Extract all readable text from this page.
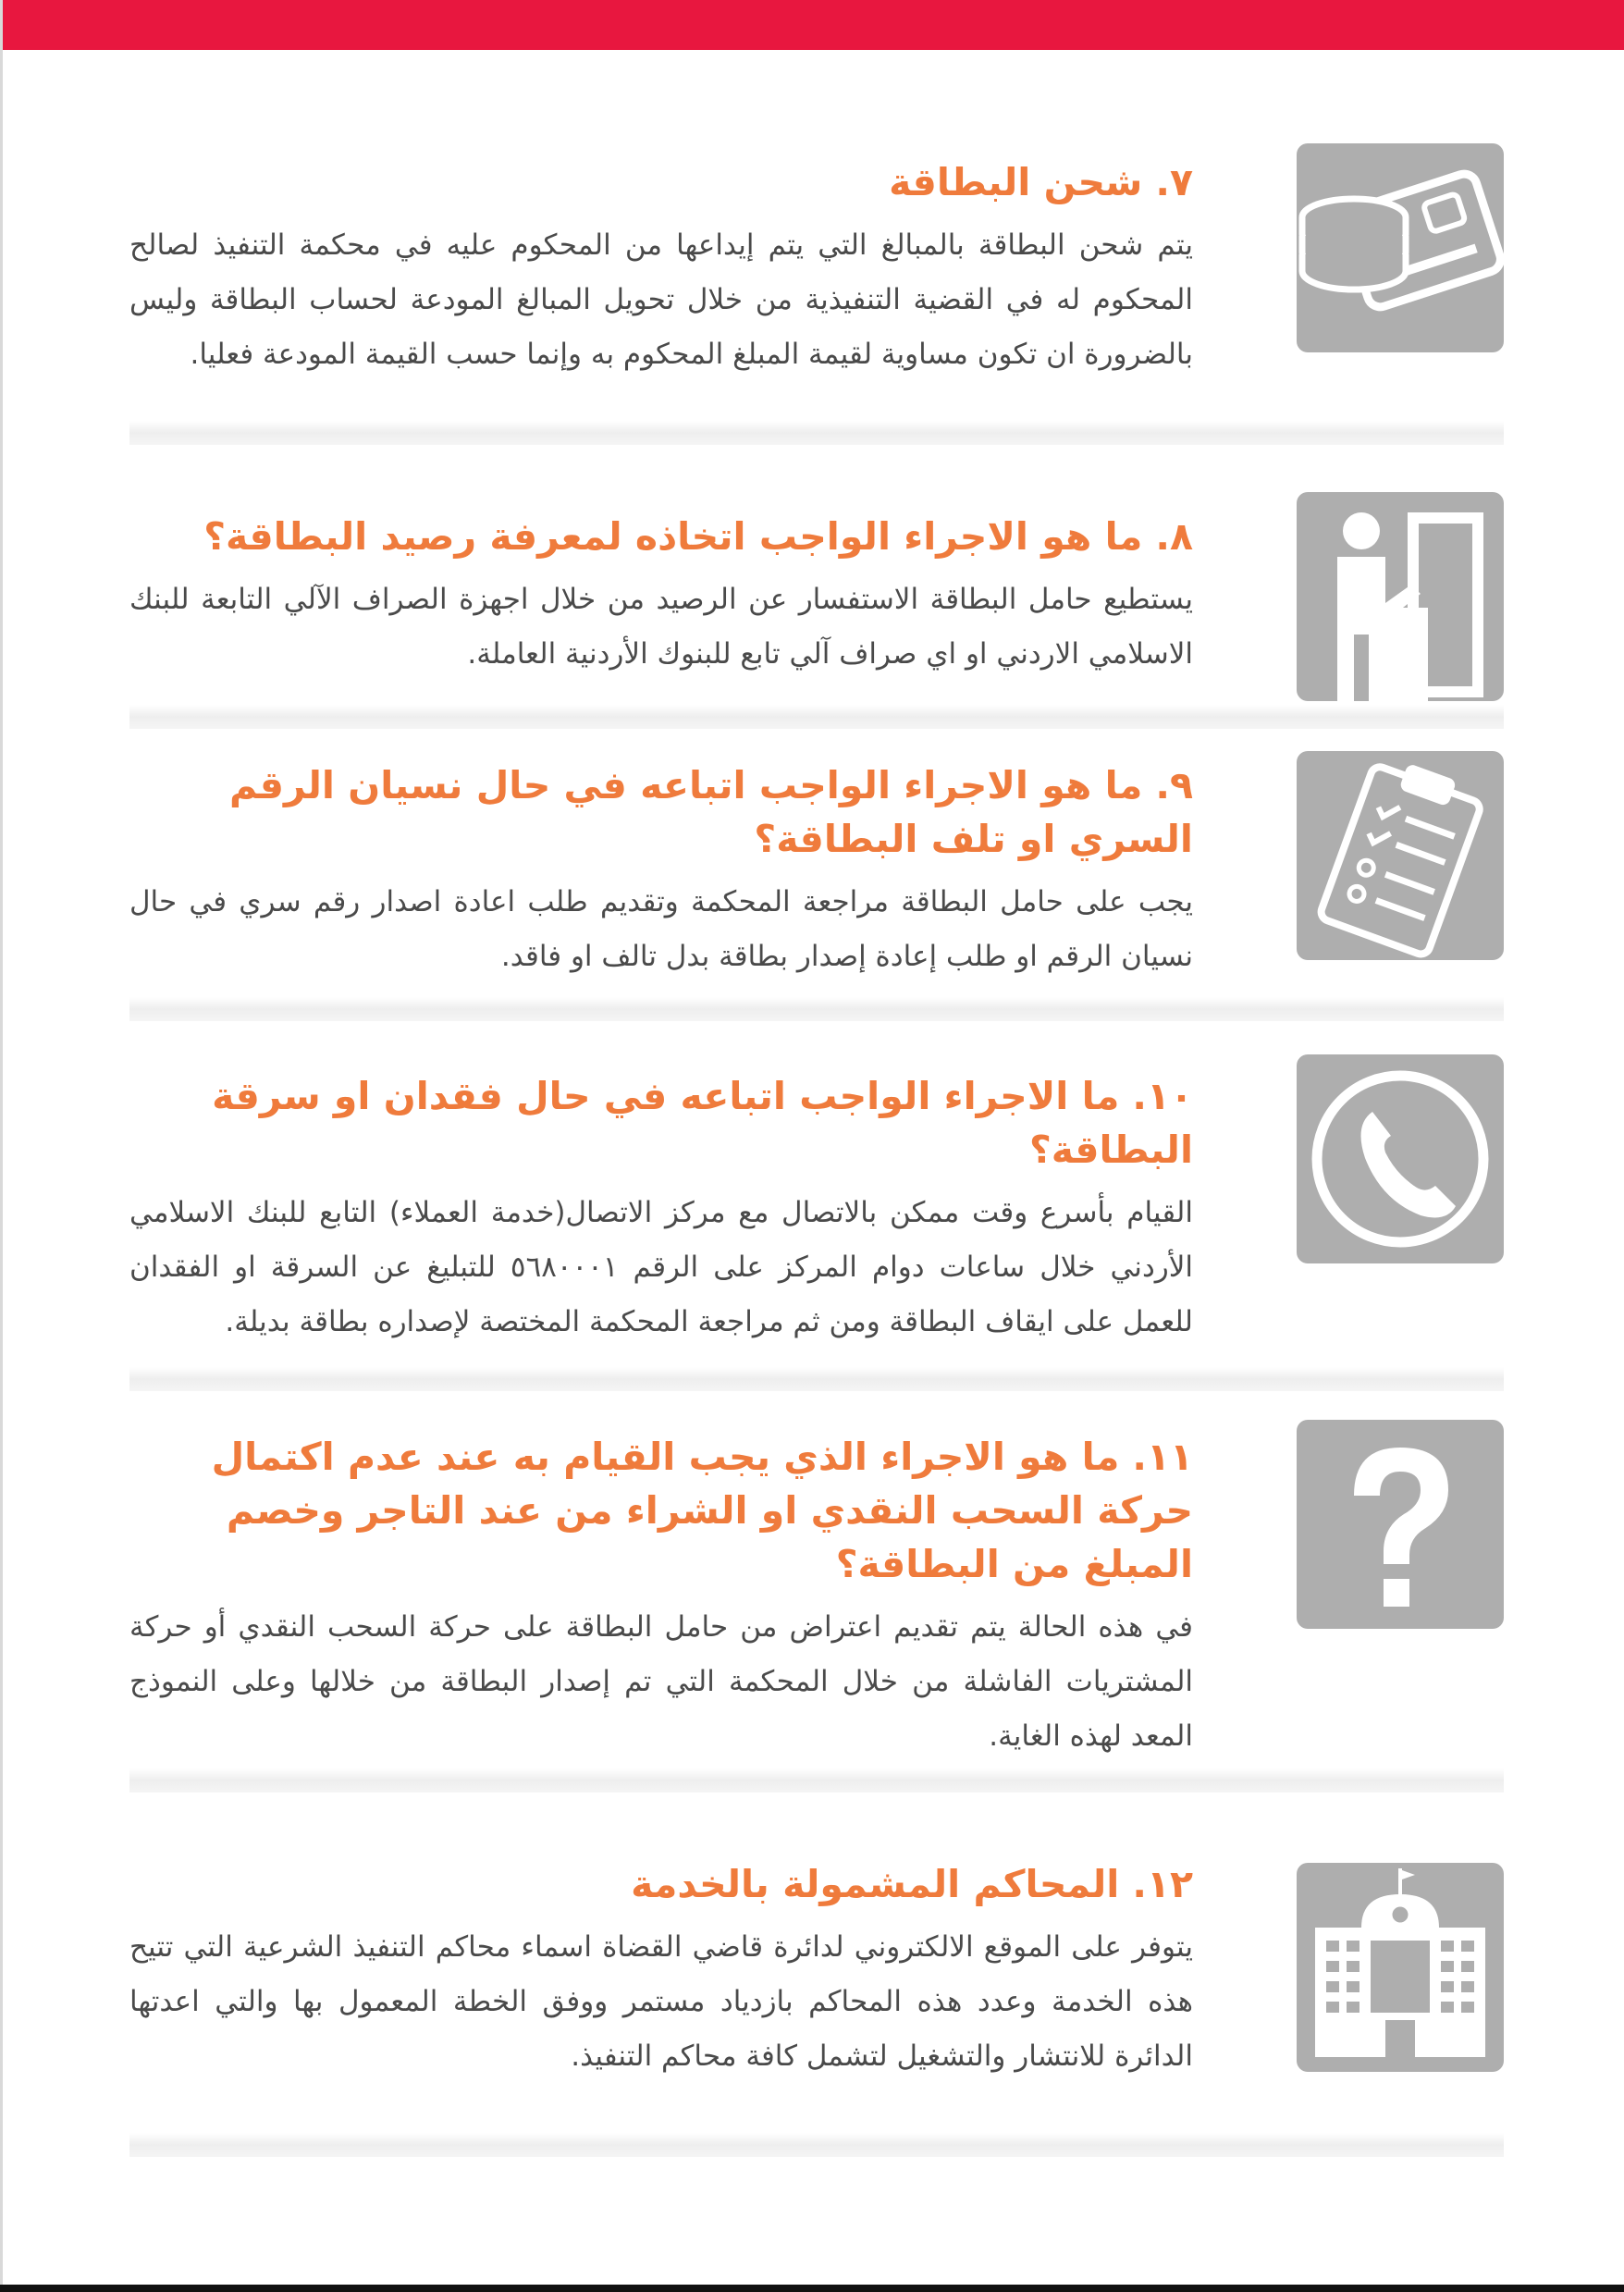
٧.شحن البطاقة

يتم شحن البطاقة بالمبالغ التي يتم إيداعها من المحكوم عليه في محكمة التنفيذ لصالح المحكوم له في القضية التنفيذية من خلال تحويل المبالغ المودعة لحساب البطاقة وليس بالضرورة ان تكون مساوية لقيمة المبلغ المحكوم به وإنما حسب القيمة المودعة فعليا.

٨.ما هو الاجراء الواجب اتخاذه لمعرفة رصيد البطاقة؟

يستطيع حامل البطاقة الاستفسار عن الرصيد من خلال اجهزة الصراف الآلي التابعة للبنك الاسلامي الاردني او اي صراف آلي تابع للبنوك الأردنية العاملة.

٩.ما هو الاجراء الواجب اتباعه في حال نسيان الرقم السري او تلف البطاقة؟

يجب على حامل البطاقة مراجعة المحكمة وتقديم طلب اعادة اصدار رقم سري في حال نسيان الرقم او طلب إعادة إصدار بطاقة بدل تالف او فاقد.

١٠.ما الاجراء الواجب اتباعه في حال فقدان او سرقة البطاقة؟

القيام بأسرع وقت ممكن بالاتصال مع مركز الاتصال(خدمة العملاء) التابع للبنك الاسلامي الأردني خلال ساعات دوام المركز على الرقم ٥٦٨٠٠٠١ للتبليغ عن السرقة او الفقدان للعمل على ايقاف البطاقة ومن ثم مراجعة المحكمة المختصة لإصداره بطاقة بديلة.

١١.ما هو الاجراء الذي يجب القيام به عند عدم اكتمال حركة السحب النقدي او الشراء من عند التاجر وخصم المبلغ من البطاقة؟

في هذه الحالة يتم تقديم اعتراض من حامل البطاقة على حركة السحب النقدي أو حركة المشتريات الفاشلة من خلال المحكمة التي تم إصدار البطاقة من خلالها وعلى النموذج المعد لهذه الغاية.

١٢.المحاكم المشمولة بالخدمة

يتوفر على الموقع الالكتروني لدائرة قاضي القضاة اسماء محاكم التنفيذ الشرعية التي تتيح هذه الخدمة وعدد هذه المحاكم بازدياد مستمر ووفق الخطة المعمول بها والتي اعدتها الدائرة للانتشار والتشغيل لتشمل كافة محاكم التنفيذ.
